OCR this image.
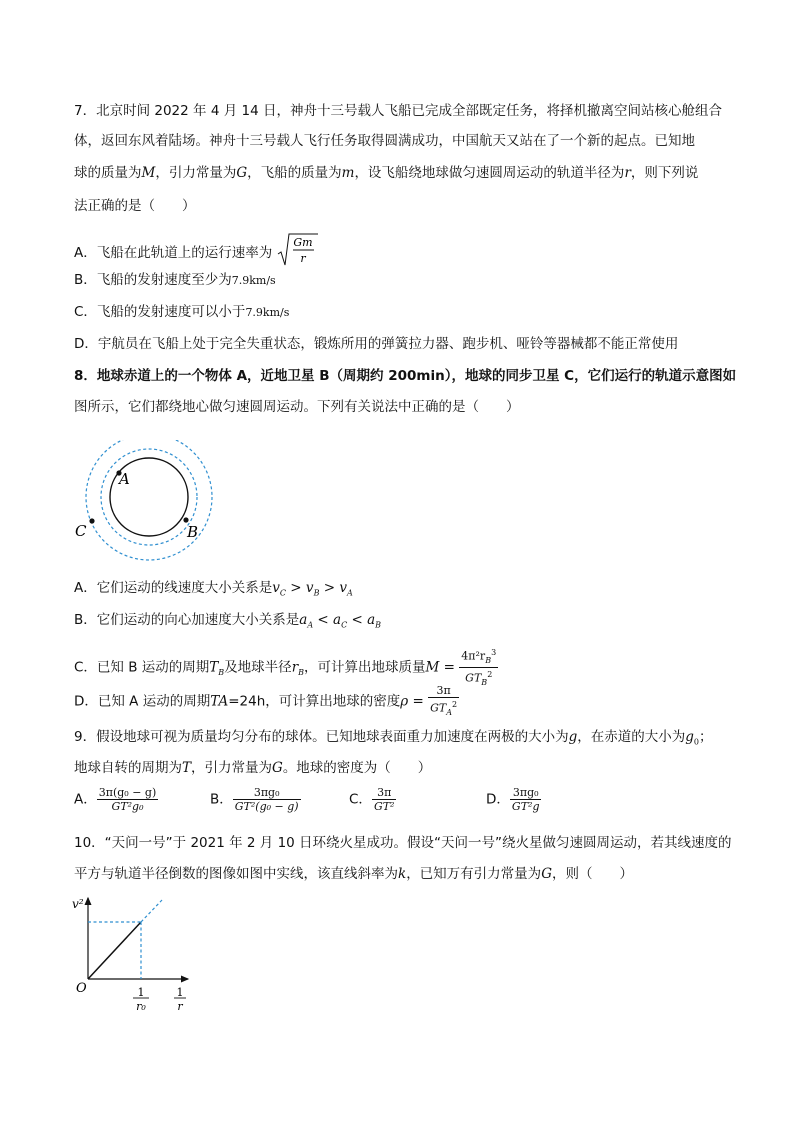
7．北京时间 2022 年 4 月 14 日，神舟十三号载人飞船已完成全部既定任务，将择机撤离空间站核心舱组合
体，返回东风着陆场。神舟十三号载人飞行任务取得圆满成功，中国航天又站在了一个新的起点。已知地
球的质量为M，引力常量为G，飞船的质量为m，设飞船绕地球做匀速圆周运动的轨道半径为r，则下列说
法正确的是（　　）
A．飞船在此轨道上的运行速率为
Gm
r
B．飞船的发射速度至少为7.9km/s
C．飞船的发射速度可以小于7.9km/s
D．宇航员在飞船上处于完全失重状态，锻炼所用的弹簧拉力器、跑步机、哑铃等器械都不能正常使用
8．地球赤道上的一个物体 A，近地卫星 B（周期约 200min），地球的同步卫星 C，它们运行的轨道示意图如
图所示，它们都绕地心做匀速圆周运动。下列有关说法中正确的是（　　）
A
B
C
A．它们运动的线速度大小关系是$v_C > v_B > v_A$
B．它们运动的向心加速度大小关系是$a_A < a_C < a_B$
C．已知 B 运动的周期$T_B$及地球半径$r_B$，可计算出地球质量$M = \frac{4\pi^2r_B^3}{GT_B^2}$
D．已知 A 运动的周期TA=24h，可计算出地球的密度$\rho = \frac{3\pi}{GT_A^2}$
9．假设地球可视为质量均匀分布的球体。已知地球表面重力加速度在两极的大小为g，在赤道的大小为$g_0$；
地球自转的周期为T，引力常量为G。地球的密度为（　　）
A． $\frac{\text{3π(g₀ − g)}}{\text{GT²g₀}}$	B． $\frac{\text{3πg₀}}{\text{GT²(g₀ − g)}}$	C． $\frac{3\pi}{\text{GT²}}$	D． $\frac{\text{3πg₀}}{\text{GT²g}}$
10．“天问一号”于 2021 年 2 月 10 日环绕火星成功。假设“天问一号”绕火星做匀速圆周运动，若其线速度的
平方与轨道半径倒数的图像如图中实线，该直线斜率为k，已知万有引力常量为G，则（　　）
v²
O	1
r₀
1
r
